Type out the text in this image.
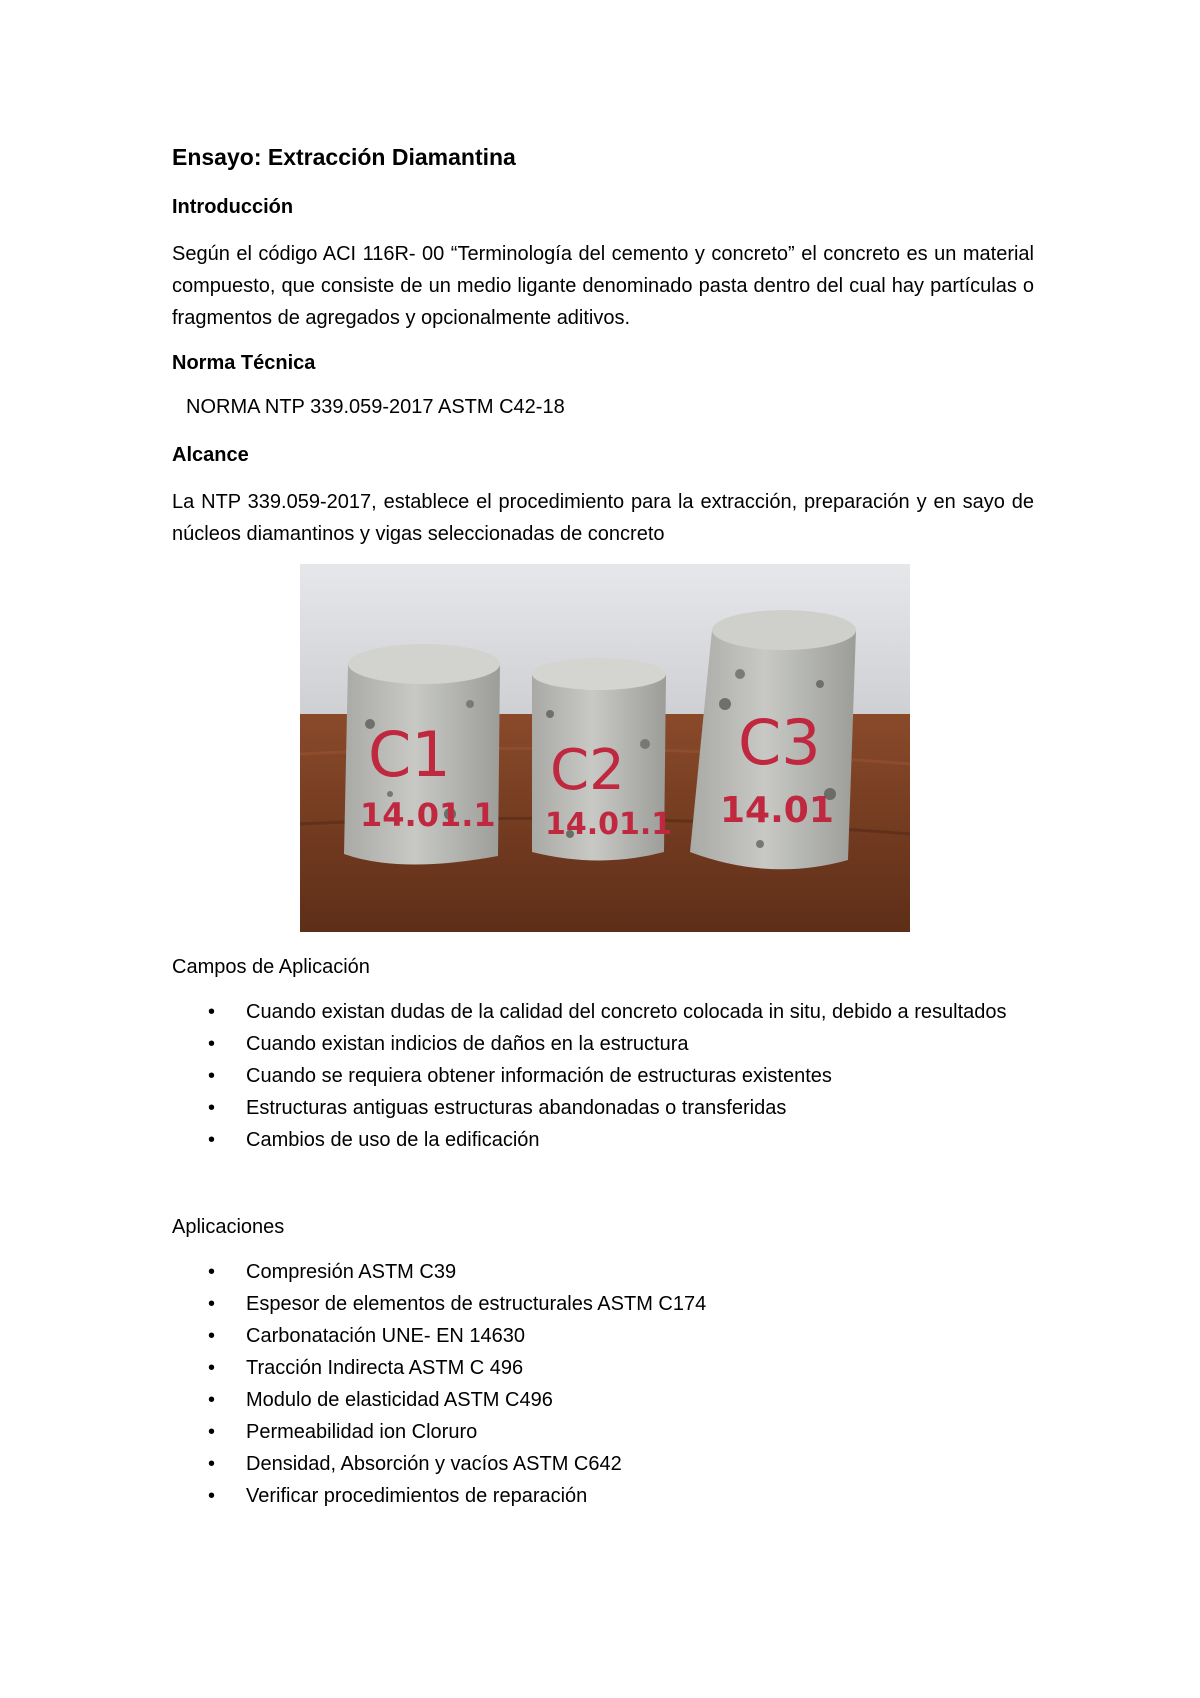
Ensayo: Extracción Diamantina
Introducción

Según el código ACI 116R- 00 “Terminología del cemento y concreto” el concreto es un material compuesto, que consiste de un medio ligante denominado pasta dentro del cual hay partículas o fragmentos de agregados y opcionalmente aditivos.

Norma Técnica
NORMA NTP 339.059-2017 ASTM C42-18
Alcance

La NTP 339.059-2017, establece el procedimiento para la extracción, preparación y en sayo de núcleos diamantinos y vigas seleccionadas de concreto

C1
14.01.1
C2
14.01.1
C3
14.01
Campos de Aplicación
• Cuando existan dudas de la calidad del concreto colocada in situ, debido a resultados
• Cuando existan indicios de daños en la estructura
• Cuando se requiera obtener información de estructuras existentes
• Estructuras antiguas estructuras abandonadas o transferidas
• Cambios de uso de la edificación
Aplicaciones
• Compresión ASTM C39
• Espesor de elementos de estructurales ASTM C174
• Carbonatación UNE- EN 14630
• Tracción Indirecta ASTM C 496
• Modulo de elasticidad ASTM C496
• Permeabilidad ion Cloruro
• Densidad, Absorción y vacíos ASTM C642
• Verificar procedimientos de reparación
